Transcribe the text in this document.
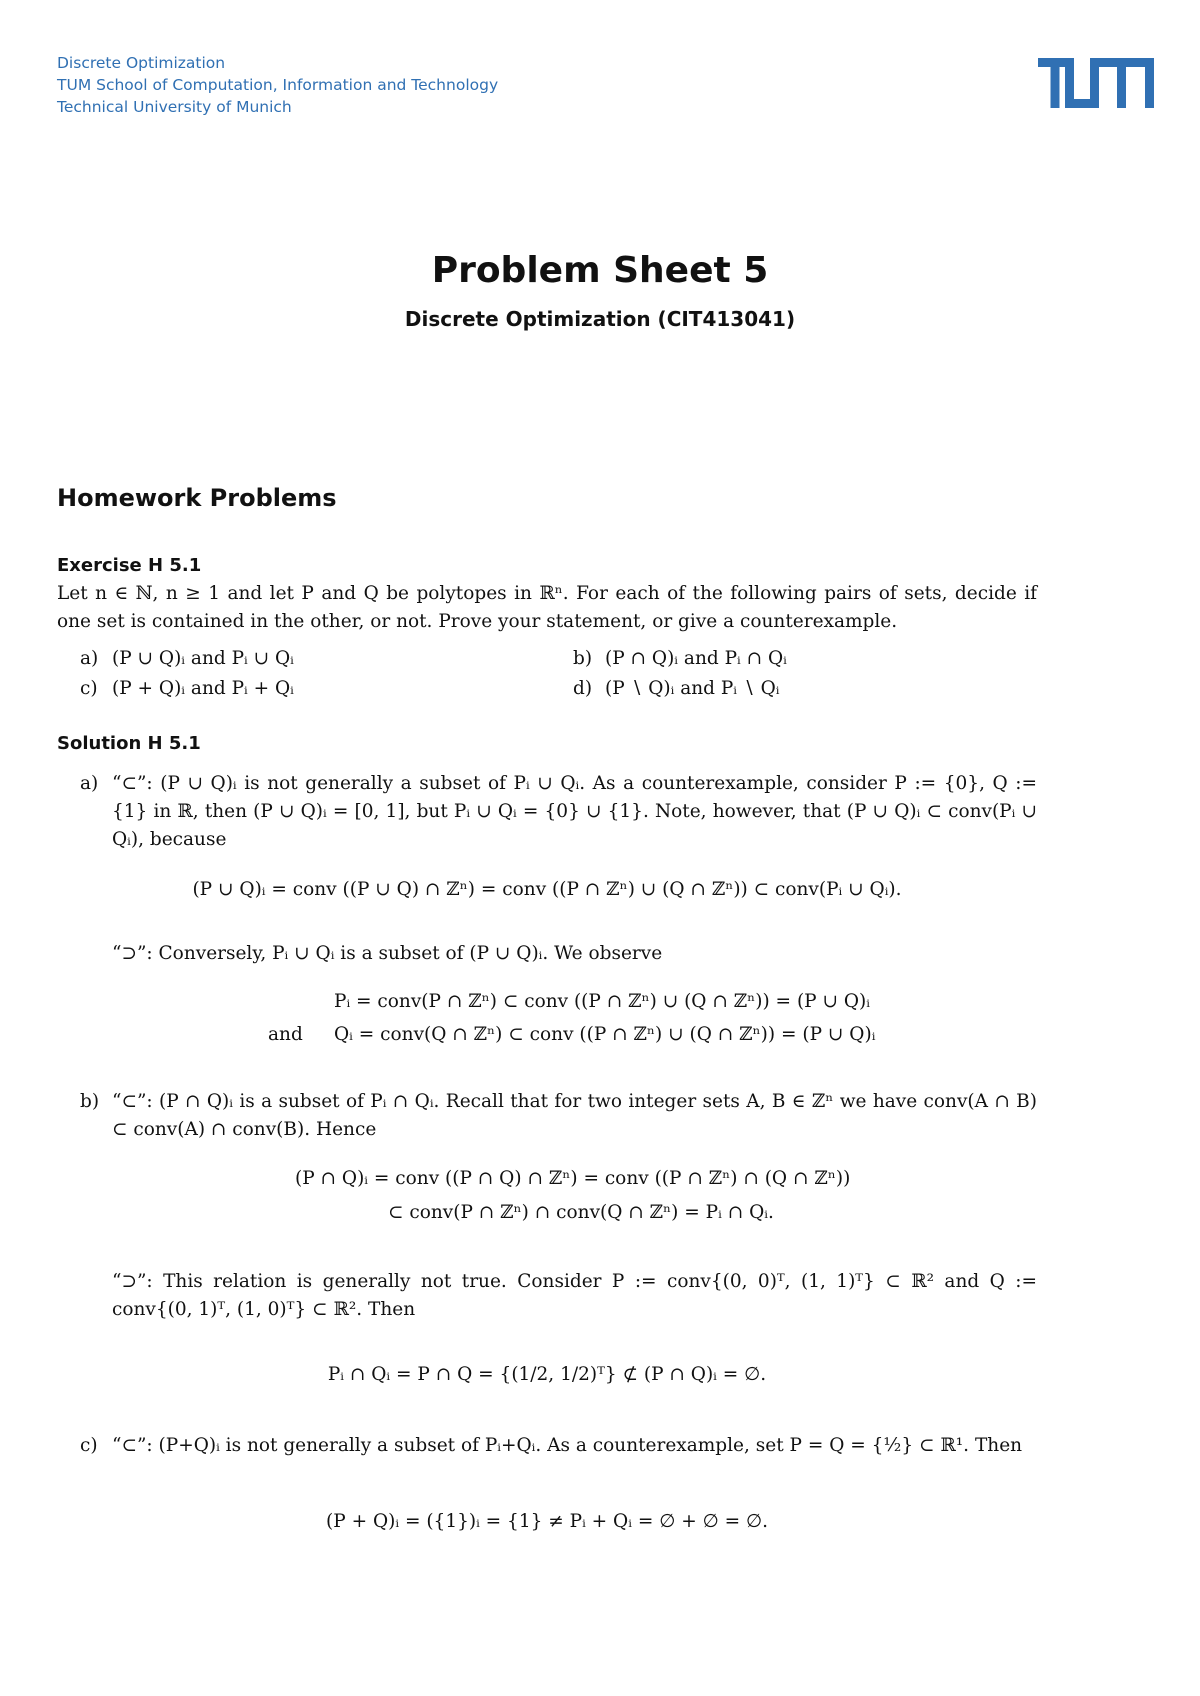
Discrete Optimization
TUM School of Computation, Information and Technology
Technical University of Munich
Problem Sheet 5
Discrete Optimization (CIT413041)
Homework Problems
Exercise H 5.1
Let n ∈ ℕ, n ≥ 1 and let P and Q be polytopes in ℝⁿ. For each of the following pairs of sets, decide if one set is contained in the other, or not. Prove your statement, or give a counterexample.
a) (P ∪ Q)ᵢ and Pᵢ ∪ Qᵢ	b) (P ∩ Q)ᵢ and Pᵢ ∩ Qᵢ
c) (P + Q)ᵢ and Pᵢ + Qᵢ	d) (P ∖ Q)ᵢ and Pᵢ ∖ Qᵢ
Solution H 5.1
a) “⊂”: (P ∪ Q)ᵢ is not generally a subset of Pᵢ ∪ Qᵢ. As a counterexample, consider P := {0}, Q := {1} in ℝ, then (P ∪ Q)ᵢ = [0, 1], but Pᵢ ∪ Qᵢ = {0} ∪ {1}. Note, however, that (P ∪ Q)ᵢ ⊂ conv(Pᵢ ∪ Qᵢ), because
(P ∪ Q)ᵢ = conv ((P ∪ Q) ∩ ℤⁿ) = conv ((P ∩ ℤⁿ) ∪ (Q ∩ ℤⁿ)) ⊂ conv(Pᵢ ∪ Qᵢ).
“⊃”: Conversely, Pᵢ ∪ Qᵢ is a subset of (P ∪ Q)ᵢ. We observe
Pᵢ = conv(P ∩ ℤⁿ) ⊂ conv ((P ∩ ℤⁿ) ∪ (Q ∩ ℤⁿ)) = (P ∪ Q)ᵢ
and Qᵢ = conv(Q ∩ ℤⁿ) ⊂ conv ((P ∩ ℤⁿ) ∪ (Q ∩ ℤⁿ)) = (P ∪ Q)ᵢ
b) “⊂”: (P ∩ Q)ᵢ is a subset of Pᵢ ∩ Qᵢ. Recall that for two integer sets A, B ∈ ℤⁿ we have conv(A ∩ B) ⊂ conv(A) ∩ conv(B). Hence
(P ∩ Q)ᵢ = conv ((P ∩ Q) ∩ ℤⁿ) = conv ((P ∩ ℤⁿ) ∩ (Q ∩ ℤⁿ))
⊂ conv(P ∩ ℤⁿ) ∩ conv(Q ∩ ℤⁿ) = Pᵢ ∩ Qᵢ.
“⊃”: This relation is generally not true. Consider P := conv{(0, 0)ᵀ, (1, 1)ᵀ} ⊂ ℝ² and Q := conv{(0, 1)ᵀ, (1, 0)ᵀ} ⊂ ℝ². Then
Pᵢ ∩ Qᵢ = P ∩ Q = {(1/2, 1/2)ᵀ} ⊄ (P ∩ Q)ᵢ = ∅.
c) “⊂”: (P+Q)ᵢ is not generally a subset of Pᵢ+Qᵢ. As a counterexample, set P = Q = {½} ⊂ ℝ¹. Then
(P + Q)ᵢ = ({1})ᵢ = {1} ≠ Pᵢ + Qᵢ = ∅ + ∅ = ∅.
